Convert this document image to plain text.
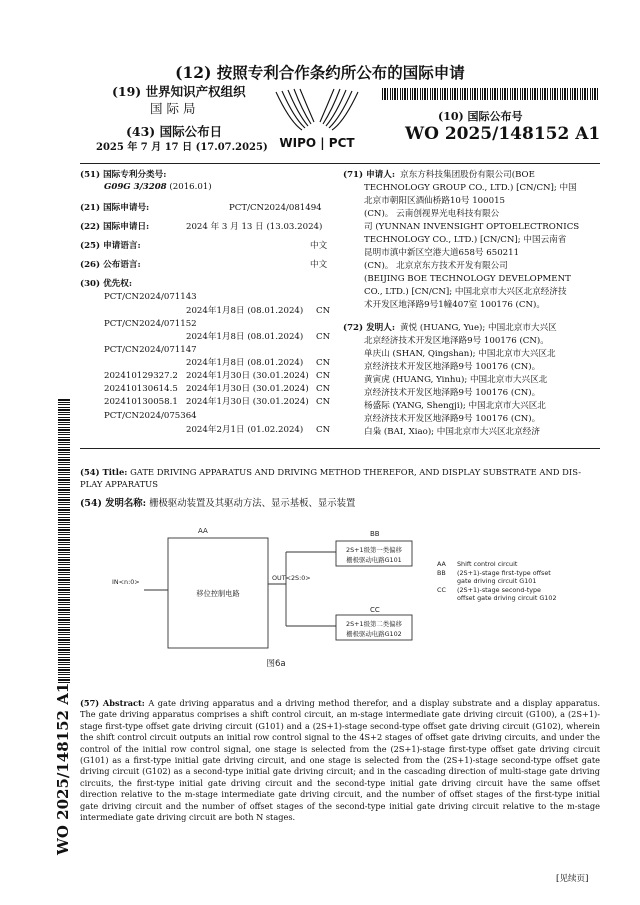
(12) 按照专利合作条约所公布的国际申请
(19) 世界知识产权组织
国 际 局
(43) 国际公布日
2025 年 7 月 17 日 (17.07.2025) WIPO | PCT
(10) 国际公布号
WO 2025/148152 A1
(51) 国际专利分类号:
G09G 3/3208 (2016.01)
(21) 国际申请号:	PCT/CN2024/081494
(22) 国际申请日:	2024 年 3 月 13 日 (13.03.2024)
(25) 申请语言:	中文
(26) 公布语言:	中文
(30) 优先权:
PCT/CN2024/071143
2024年1月8日 (08.01.2024) CN
PCT/CN2024/071152
2024年1月8日 (08.01.2024) CN
PCT/CN2024/071147
2024年1月8日 (08.01.2024) CN
202410129327.2 2024年1月30日 (30.01.2024) CN
202410130614.5 2024年1月30日 (30.01.2024) CN
202410130058.1 2024年1月30日 (30.01.2024) CN
PCT/CN2024/075364
2024年2月1日 (01.02.2024) CN
(71) 申请人: 京东方科技集团股份有限公司(BOE
TECHNOLOGY GROUP CO., LTD.) [CN/CN]; 中国
北京市朝阳区酒仙桥路10号 100015
(CN)。 云南创视界光电科技有限公
司 (YUNNAN INVENSIGHT OPTOELECTRONICS
TECHNOLOGY CO., LTD.) [CN/CN]; 中国云南省
昆明市滇中新区空港大道658号 650211
(CN)。 北京京东方技术开发有限公司
(BEIJING BOE TECHNOLOGY DEVELOPMENT
CO., LTD.) [CN/CN]; 中国北京市大兴区北京经济技
术开发区地泽路9号1幢407室 100176 (CN)。
(72) 发明人: 黄悦 (HUANG, Yue); 中国北京市大兴区
北京经济技术开发区地泽路9号 100176 (CN)。
单庆山 (SHAN, Qingshan); 中国北京市大兴区北
京经济技术开发区地泽路9号 100176 (CN)。
黄寅虎 (HUANG, Yinhu); 中国北京市大兴区北
京经济技术开发区地泽路9号 100176 (CN)。
杨盛际 (YANG, Shengji); 中国北京市大兴区北
京经济技术开发区地泽路9号 100176 (CN)。
白枭 (BAI, Xiao); 中国北京市大兴区北京经济
(54) Title: GATE DRIVING APPARATUS AND DRIVING METHOD THEREFOR, AND DISPLAY SUBSTRATE AND DIS-
PLAY APPARATUS
(54) 发明名称: 栅极驱动装置及其驱动方法、显示基板、显示装置
AA
移位控制电路
IN<n:0>	OUT<2S:0>
BB
2S+1级第一类偏移
栅极驱动电路G101
CC
2S+1级第二类偏移
栅极驱动电路G102
图6a
AA	Shift control circuit
BB	(2S+1)-stage first-type offset
gate driving circuit G101
CC	(2S+1)-stage second-type
offset gate driving circuit G102
(57) Abstract: A gate driving apparatus and a driving method therefor, and a display substrate and a display apparatus. The gate driving apparatus comprises a shift control circuit, an m-stage intermediate gate driving circuit (G100), a (2S+1)-stage first-type offset gate driving circuit (G101) and a (2S+1)-stage second-type offset gate driving circuit (G102), wherein the shift control circuit outputs an initial row control signal to the 4S+2 stages of offset gate driving circuits, and under the control of the initial row control signal, one stage is selected from the (2S+1)-stage first-type offset gate driving circuit (G101) as a first-type initial gate driving circuit, and one stage is selected from the (2S+1)-stage second-type offset gate driving circuit (G102) as a second-type initial gate driving circuit; and in the cascading direction of multi-stage gate driving circuits, the first-type initial gate driving circuit and the second-type initial gate driving circuit have the same offset direction relative to the m-stage intermediate gate driving circuit, and the number of offset stages of the first-type initial gate driving circuit and the number of offset stages of the second-type initial gate driving circuit relative to the m-stage intermediate gate driving circuit are both N stages.
WO 2025/148152 A1
[见续页]
